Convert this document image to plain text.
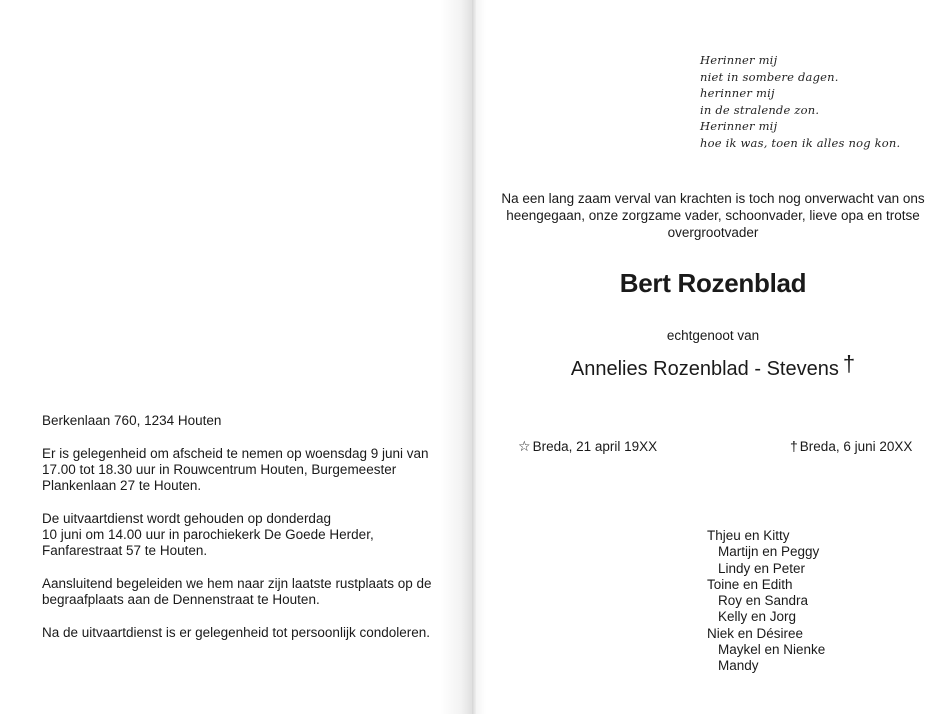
Berkenlaan 760, 1234 Houten

Er is gelegenheid om afscheid te nemen op woensdag 9 juni van
17.00 tot 18.30 uur in Rouwcentrum Houten, Burgemeester
Plankenlaan 27 te Houten.

De uitvaartdienst wordt gehouden op donderdag
10 juni om 14.00 uur in parochiekerk De Goede Herder,
Fanfarestraat 57 te Houten.

Aansluitend begeleiden we hem naar zijn laatste rustplaats op de
begraafplaats aan de Dennenstraat te Houten.

Na de uitvaartdienst is er gelegenheid tot persoonlijk condoleren.

Herinner mij
niet in sombere dagen.
herinner mij
in de stralende zon.
Herinner mij
hoe ik was, toen ik alles nog kon.
Na een lang zaam verval van krachten is toch nog onverwacht van ons
heengegaan, onze zorgzame vader, schoonvader, lieve opa en trotse
overgrootvader
Bert Rozenblad
echtgenoot van
Annelies Rozenblad - Stevens †
☆ Breda, 21 april 19XX	† Breda, 6 juni 20XX
Thjeu en Kitty
Martijn en Peggy
Lindy en Peter
Toine en Edith
Roy en Sandra
Kelly en Jorg
Niek en Désiree
Maykel en Nienke
Mandy
